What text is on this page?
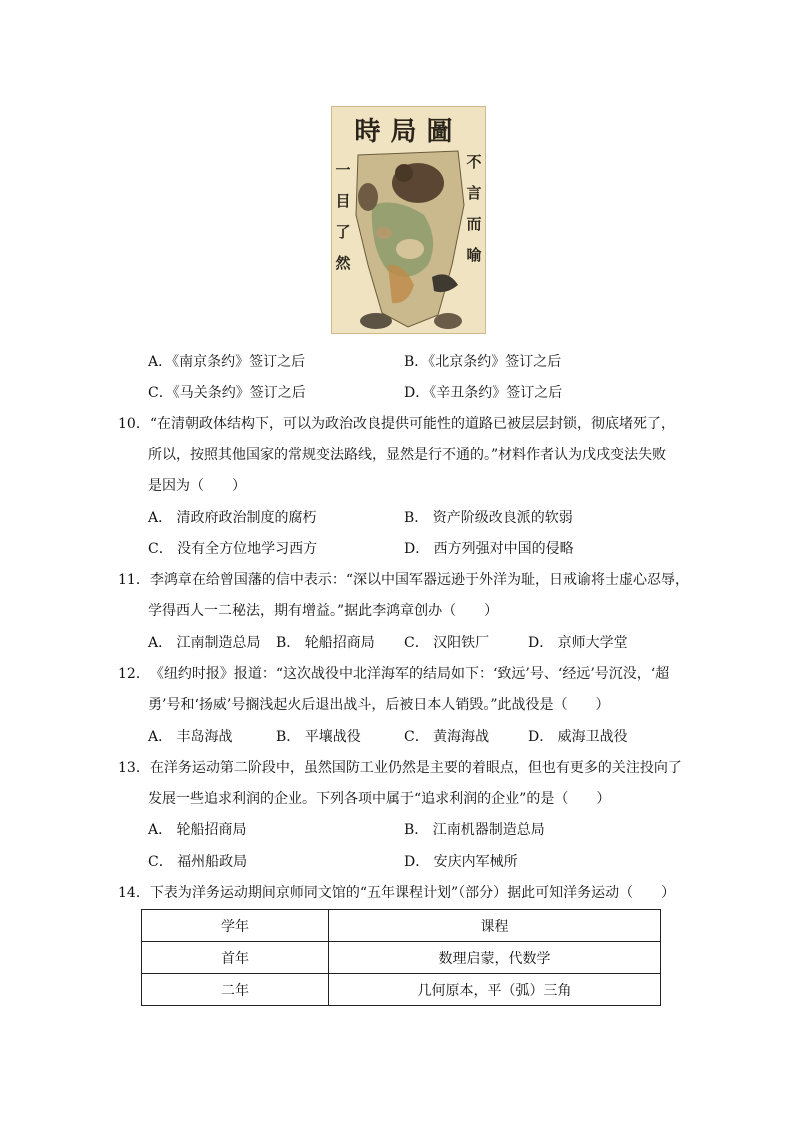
時局圖
一
目
了
然
不
言
而
喻
A．《南京条约》签订之后	B．《北京条约》签订之后
C．《马关条约》签订之后	D．《辛丑条约》签订之后
10．“在清朝政体结构下，可以为政治改良提供可能性的道路已被层层封锁，彻底堵死了，
所以，按照其他国家的常规变法路线，显然是行不通的。”材料作者认为戊戌变法失败
是因为（　　）
A． 清政府政治制度的腐朽	B． 资产阶级改良派的软弱
C． 没有全方位地学习西方	D． 西方列强对中国的侵略
11．李鸿章在给曾国藩的信中表示：“深以中国军器远逊于外洋为耻，日戒谕将士虚心忍辱，
学得西人一二秘法，期有增益。”据此李鸿章创办（　　）
A． 江南制造总局 B． 轮船招商局 C． 汉阳铁厂	D． 京师大学堂
12．《纽约时报》报道：“这次战役中北洋海军的结局如下：‘致远’号、‘经远’号沉没，‘超
勇’号和‘扬威’号搁浅起火后退出战斗，后被日本人销毁。”此战役是（　　）
A． 丰岛海战	B． 平壤战役	C． 黄海海战	D． 威海卫战役
13．在洋务运动第二阶段中，虽然国防工业仍然是主要的着眼点，但也有更多的关注投向了
发展一些追求利润的企业。下列各项中属于“追求利润的企业”的是（　　）
A． 轮船招商局	B． 江南机器制造总局
C． 福州船政局	D． 安庆内军械所
14．下表为洋务运动期间京师同文馆的“五年课程计划”（部分）据此可知洋务运动（　　）
学年	课程
首年	数理启蒙，代数学
二年	几何原本，平（弧）三角
